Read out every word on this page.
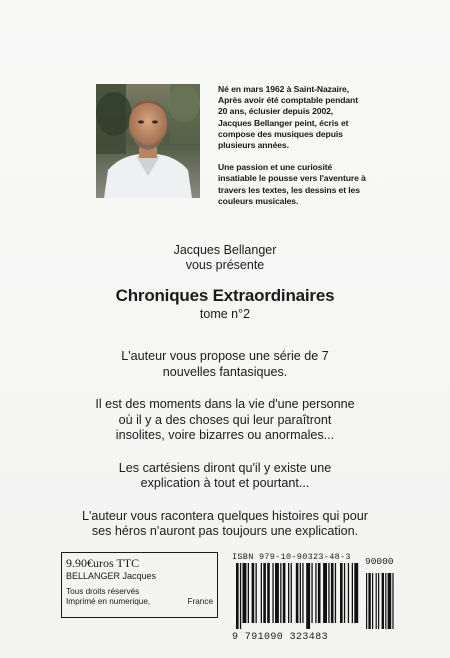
Né en mars 1962 à Saint-Nazaire, Après avoir été comptable pendant 20 ans, éclusier depuis 2002, Jacques Bellanger peint, écris et compose des musiques depuis plusieurs années.

Une passion et une curiosité insatiable le pousse vers l'aventure à travers les textes, les dessins et les couleurs musicales.

Jacques Bellanger
vous présente
Chroniques Extraordinaires
tome n°2

L'auteur vous propose une série de 7 nouvelles fantasiques.

Il est des moments dans la vie d'une personne où il y a des choses qui leur paraîtront insolites, voire bizarres ou anormales...

Les cartésiens diront qu'il y existe une explication à tout et pourtant...

L'auteur vous racontera quelques histoires qui pour ses héros n'auront pas toujours une explication.

9.90€uros TTC
BELLANGER Jacques
Tous droits réservés
Imprimé en numerique,	France
ISBN 979-10-90323-48-3 90000
9 791090 323483
